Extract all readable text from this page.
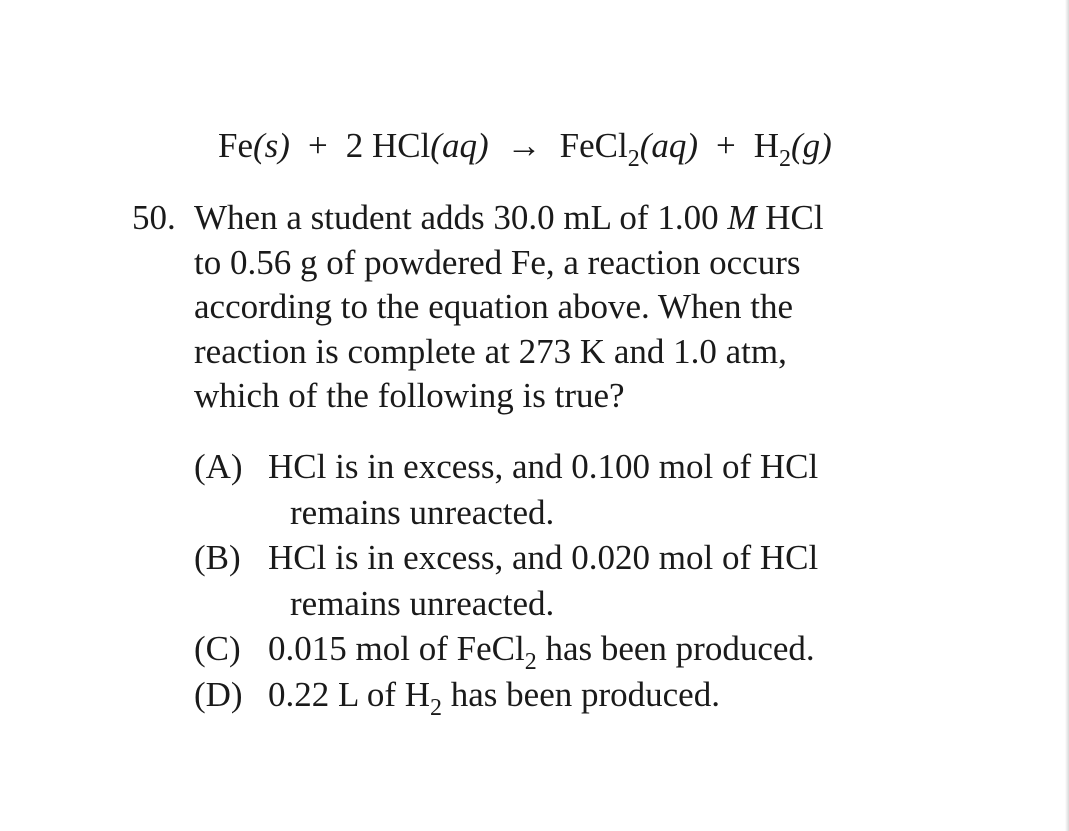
Fe(s) + 2 HCl(aq) → FeCl$_2$(aq) + $H_2(g)$
50. When a student adds 30.0 mL of 1.00 M HCl
to 0.56 g of powdered Fe, a reaction occurs
according to the equation above. When the
reaction is complete at 273 K and 1.0 atm,
which of the following is true?
(A) HCl is in excess, and 0.100 mol of HCl
remains unreacted.
(B) HCl is in excess, and 0.020 mol of HCl
remains unreacted.
(C) 0.015 mol of FeCl$_2$ has been produced.
(D) 0.22 L of $H_2$ has been produced.
